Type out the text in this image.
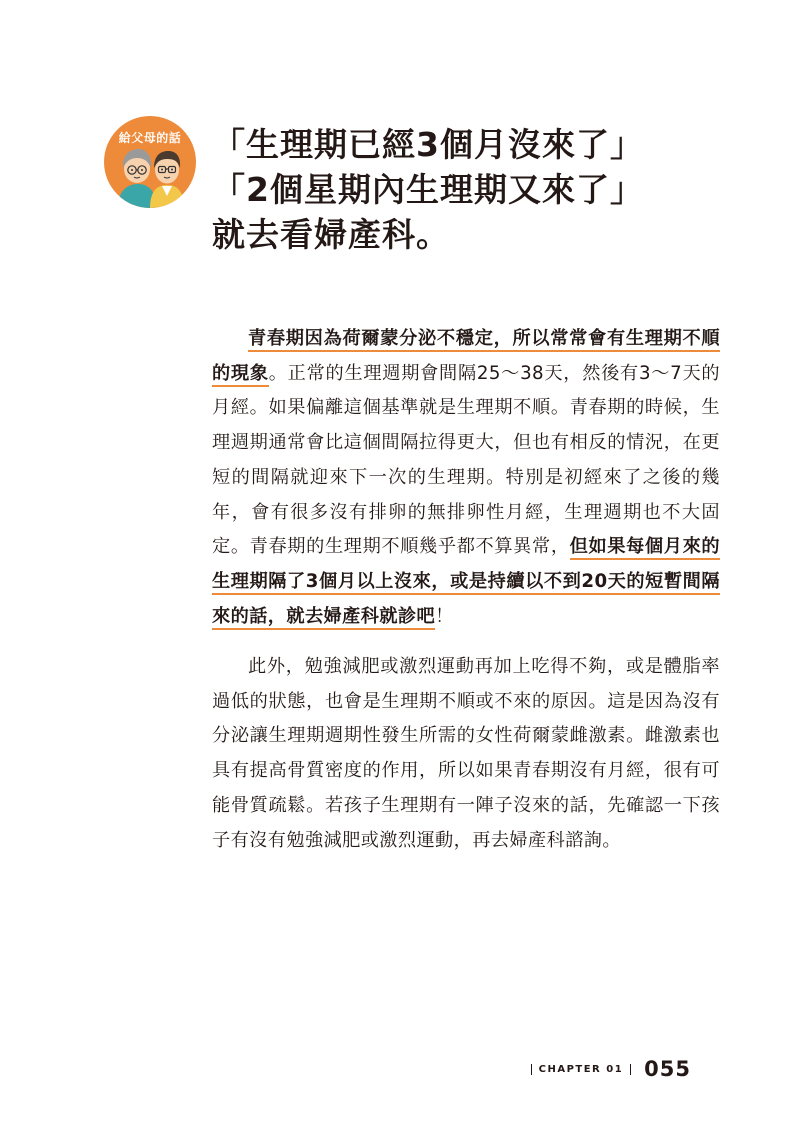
給父母的話 「生理期已經3個月沒來了」
「2個星期內生理期又來了」
就去看婦產科。
青春期因為荷爾蒙分泌不穩定，所以常常會有生理期不順的現象。正常的生理週期會間隔25～38天，然後有3～7天的月經。如果偏離這個基準就是生理期不順。青春期的時候，生理週期通常會比這個間隔拉得更大，但也有相反的情況，在更短的間隔就迎來下一次的生理期。特別是初經來了之後的幾年，會有很多沒有排卵的無排卵性月經，生理週期也不大固定。青春期的生理期不順幾乎都不算異常，但如果每個月來的生理期隔了3個月以上沒來，或是持續以不到20天的短暫間隔來的話，就去婦產科就診吧！
此外，勉強減肥或激烈運動再加上吃得不夠，或是體脂率過低的狀態，也會是生理期不順或不來的原因。這是因為沒有分泌讓生理期週期性發生所需的女性荷爾蒙雌激素。雌激素也具有提高骨質密度的作用，所以如果青春期沒有月經，很有可能骨質疏鬆。若孩子生理期有一陣子沒來的話，先確認一下孩子有沒有勉強減肥或激烈運動，再去婦產科諮詢。
CHAPTER 01 055
